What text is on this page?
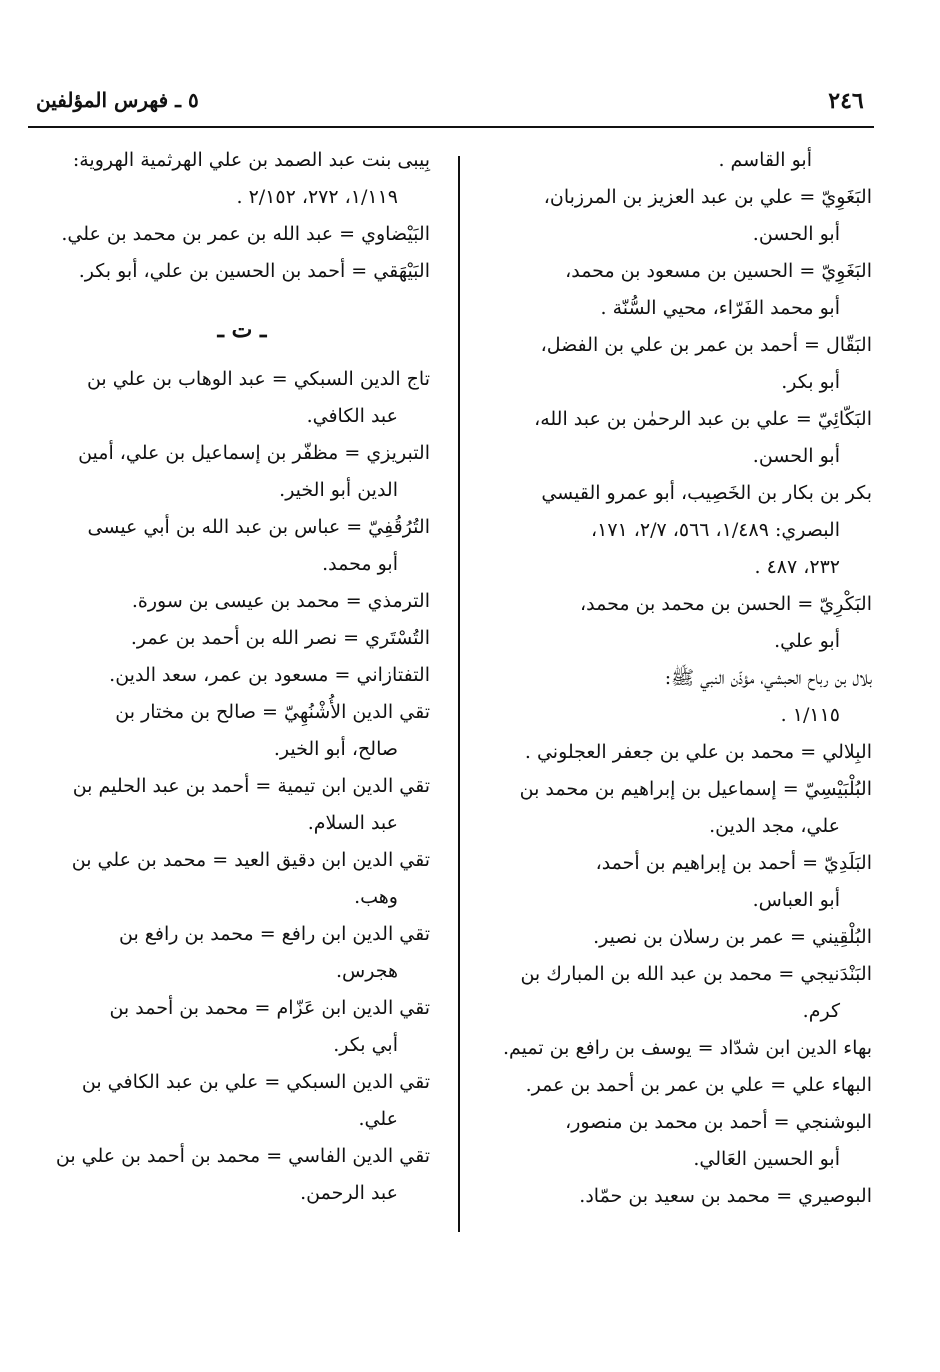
٢٤٦
٥ ـ فهرس المؤلفين
أبو القاسم .
البَغَوِيّ = علي بن عبد العزيز بن المرزبان،
أبو الحسن.
البَغَوِيّ = الحسين بن مسعود بن محمد،
أبو محمد الفَرّاء، محيي السُّنّة .
البَقّال = أحمد بن عمر بن علي بن الفضل،
أبو بكر.
البَكّائِيّ = علي بن عبد الرحمٰن بن عبد الله،
أبو الحسن.
بكر بن بكار بن الخَصِيب، أبو عمرو القيسي
البصري: ١/٤٨٩، ٥٦٦، ٢/٧، ١٧١،
٢٣٢، ٤٨٧ .
البَكْرِيّ = الحسن بن محمد بن محمد،
أبو علي.
بلال بن رباح الحبشي، مؤذّن النبي ﷺ:
١/١١٥ .
البِلالي = محمد بن علي بن جعفر العجلوني .
البُلْبَيْسِيّ = إسماعيل بن إبراهيم بن محمد بن
علي، مجد الدين.
البَلَدِيّ = أحمد بن إبراهيم بن أحمد،
أبو العباس.
البُلْقِيني = عمر بن رسلان بن نصير.
البَنْدَنيجي = محمد بن عبد الله بن المبارك بن
كرم.
بهاء الدين ابن شدّاد = يوسف بن رافع بن تميم.
البهاء علي = علي بن عمر بن أحمد بن عمر.
البوشنجي = أحمد بن محمد بن منصور،
أبو الحسين العَالي.
البوصيري = محمد بن سعيد بن حمّاد.
بِيبى بنت عبد الصمد بن علي الهرثمية الهروية:
١/١١٩، ٢٧٢، ٢/١٥٢ .
البَيْضاوي = عبد الله بن عمر بن محمد بن علي.
البَيْهَقي = أحمد بن الحسين بن علي، أبو بكر.
ـ ت ـ
تاج الدين السبكي = عبد الوهاب بن علي بن
عبد الكافي.
التبريزي = مظفّر بن إسماعيل بن علي، أمين
الدين أبو الخير.
التُرُقُفِيّ = عباس بن عبد الله بن أبي عيسى
أبو محمد.
الترمذي = محمد بن عيسى بن سورة.
التُسْتَري = نصر الله بن أحمد بن عمر.
التفتازاني = مسعود بن عمر، سعد الدين.
تقي الدين الأُشْنُهِيّ = صالح بن مختار بن
صالح، أبو الخير.
تقي الدين ابن تيمية = أحمد بن عبد الحليم بن
عبد السلام.
تقي الدين ابن دقيق العيد = محمد بن علي بن
وهب.
تقي الدين ابن رافع = محمد بن رافع بن
هجرس.
تقي الدين ابن عَزّام = محمد بن أحمد بن
أبي بكر.
تقي الدين السبكي = علي بن عبد الكافي بن
علي.
تقي الدين الفاسي = محمد بن أحمد بن علي بن
عبد الرحمن.
